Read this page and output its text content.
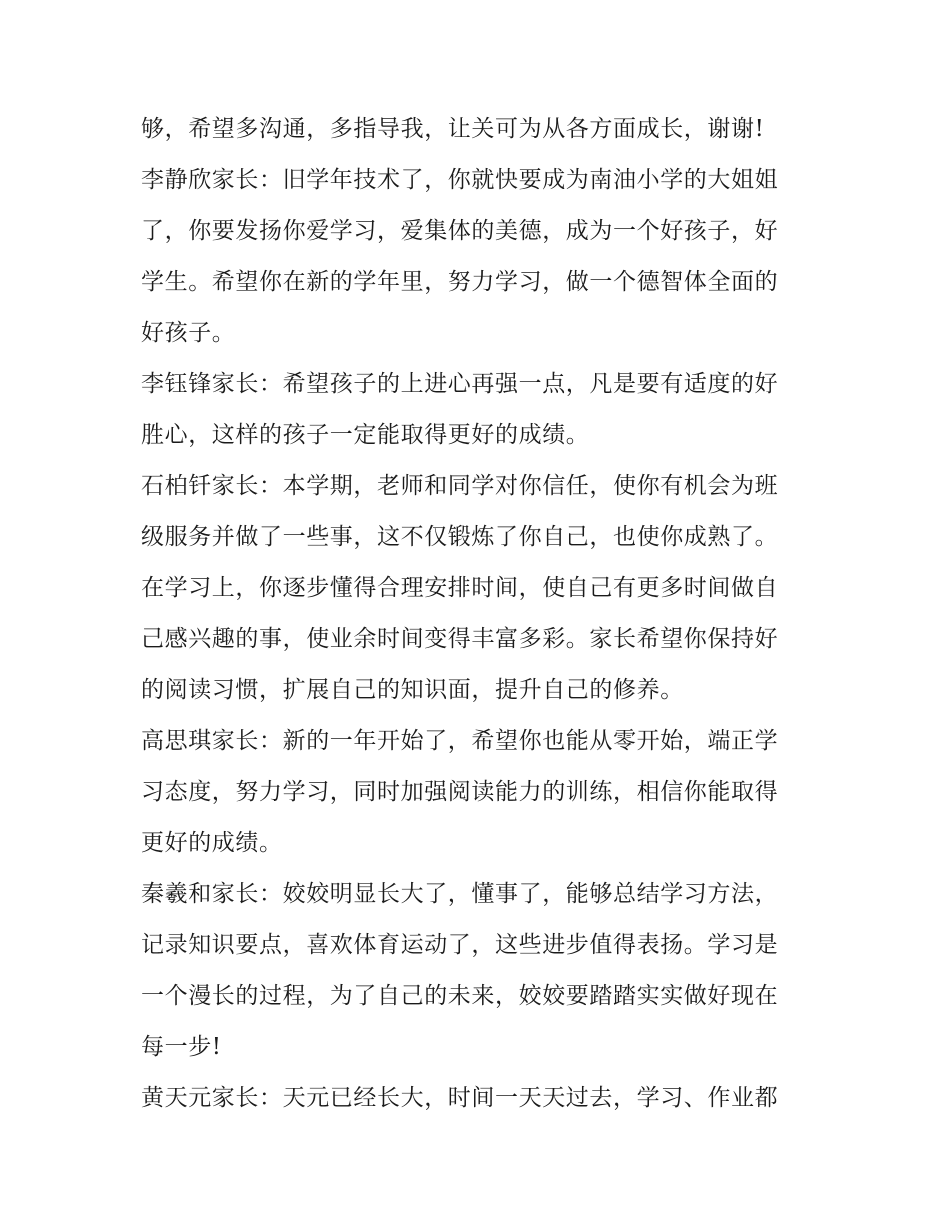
够，希望多沟通，多指导我，让关可为从各方面成长，谢谢!
李静欣家长：旧学年技术了，你就快要成为南油小学的大姐姐
了，你要发扬你爱学习，爱集体的美德，成为一个好孩子，好
学生。希望你在新的学年里，努力学习，做一个德智体全面的
好孩子。
李钰锋家长：希望孩子的上进心再强一点，凡是要有适度的好
胜心，这样的孩子一定能取得更好的成绩。
石柏钎家长：本学期，老师和同学对你信任，使你有机会为班
级服务并做了一些事，这不仅锻炼了你自己，也使你成熟了。
在学习上，你逐步懂得合理安排时间，使自己有更多时间做自
己感兴趣的事，使业余时间变得丰富多彩。家长希望你保持好
的阅读习惯，扩展自己的知识面，提升自己的修养。
高思琪家长：新的一年开始了，希望你也能从零开始，端正学
习态度，努力学习，同时加强阅读能力的训练，相信你能取得
更好的成绩。
秦羲和家长：姣姣明显长大了，懂事了，能够总结学习方法，
记录知识要点，喜欢体育运动了，这些进步值得表扬。学习是
一个漫长的过程，为了自己的未来，姣姣要踏踏实实做好现在
每一步!
黄天元家长：天元已经长大，时间一天天过去，学习、作业都
